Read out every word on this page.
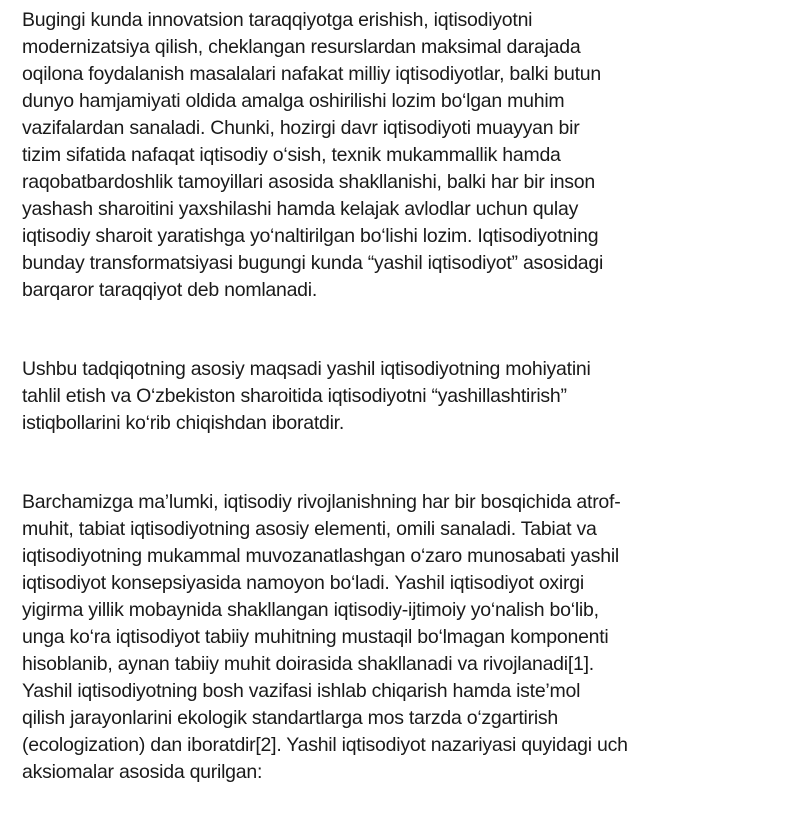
Bugingi kunda innovatsion taraqqiyotga erishish, iqtisodiyotni
modernizatsiya qilish, cheklangan resurslardan maksimal darajada
oqilona foydalanish masalalari nafakat milliy iqtisodiyotlar, balki butun
dunyo hamjamiyati oldida amalga oshirilishi lozim bo‘lgan muhim
vazifalardan sanaladi. Chunki, hozirgi davr iqtisodiyoti muayyan bir
tizim sifatida nafaqat iqtisodiy o‘sish, texnik mukammallik hamda
raqobatbardoshlik tamoyillari asosida shakllanishi, balki har bir inson
yashash sharoitini yaxshilashi hamda kelajak avlodlar uchun qulay
iqtisodiy sharoit yaratishga yo‘naltirilgan bo‘lishi lozim. Iqtisodiyotning
bunday transformatsiyasi bugungi kunda “yashil iqtisodiyot” asosidagi
barqaror taraqqiyot deb nomlanadi.
Ushbu tadqiqotning asosiy maqsadi yashil iqtisodiyotning mohiyatini
tahlil etish va O‘zbekiston sharoitida iqtisodiyotni “yashillashtirish”
istiqbollarini ko‘rib chiqishdan iboratdir.
Barchamizga ma’lumki, iqtisodiy rivojlanishning har bir bosqichida atrof-
muhit, tabiat iqtisodiyotning asosiy elementi, omili sanaladi. Tabiat va
iqtisodiyotning mukammal muvozanatlashgan o‘zaro munosabati yashil
iqtisodiyot konsepsiyasida namoyon bo‘ladi. Yashil iqtisodiyot oxirgi
yigirma yillik mobaynida shakllangan iqtisodiy-ijtimoiy yo‘nalish bo‘lib,
unga ko‘ra iqtisodiyot tabiiy muhitning mustaqil bo‘lmagan komponenti
hisoblanib, aynan tabiiy muhit doirasida shakllanadi va rivojlanadi[1].
Yashil iqtisodiyotning bosh vazifasi ishlab chiqarish hamda iste’mol
qilish jarayonlarini ekologik standartlarga mos tarzda o‘zgartirish
(ecologization) dan iboratdir[2]. Yashil iqtisodiyot nazariyasi quyidagi uch
aksiomalar asosida qurilgan:
